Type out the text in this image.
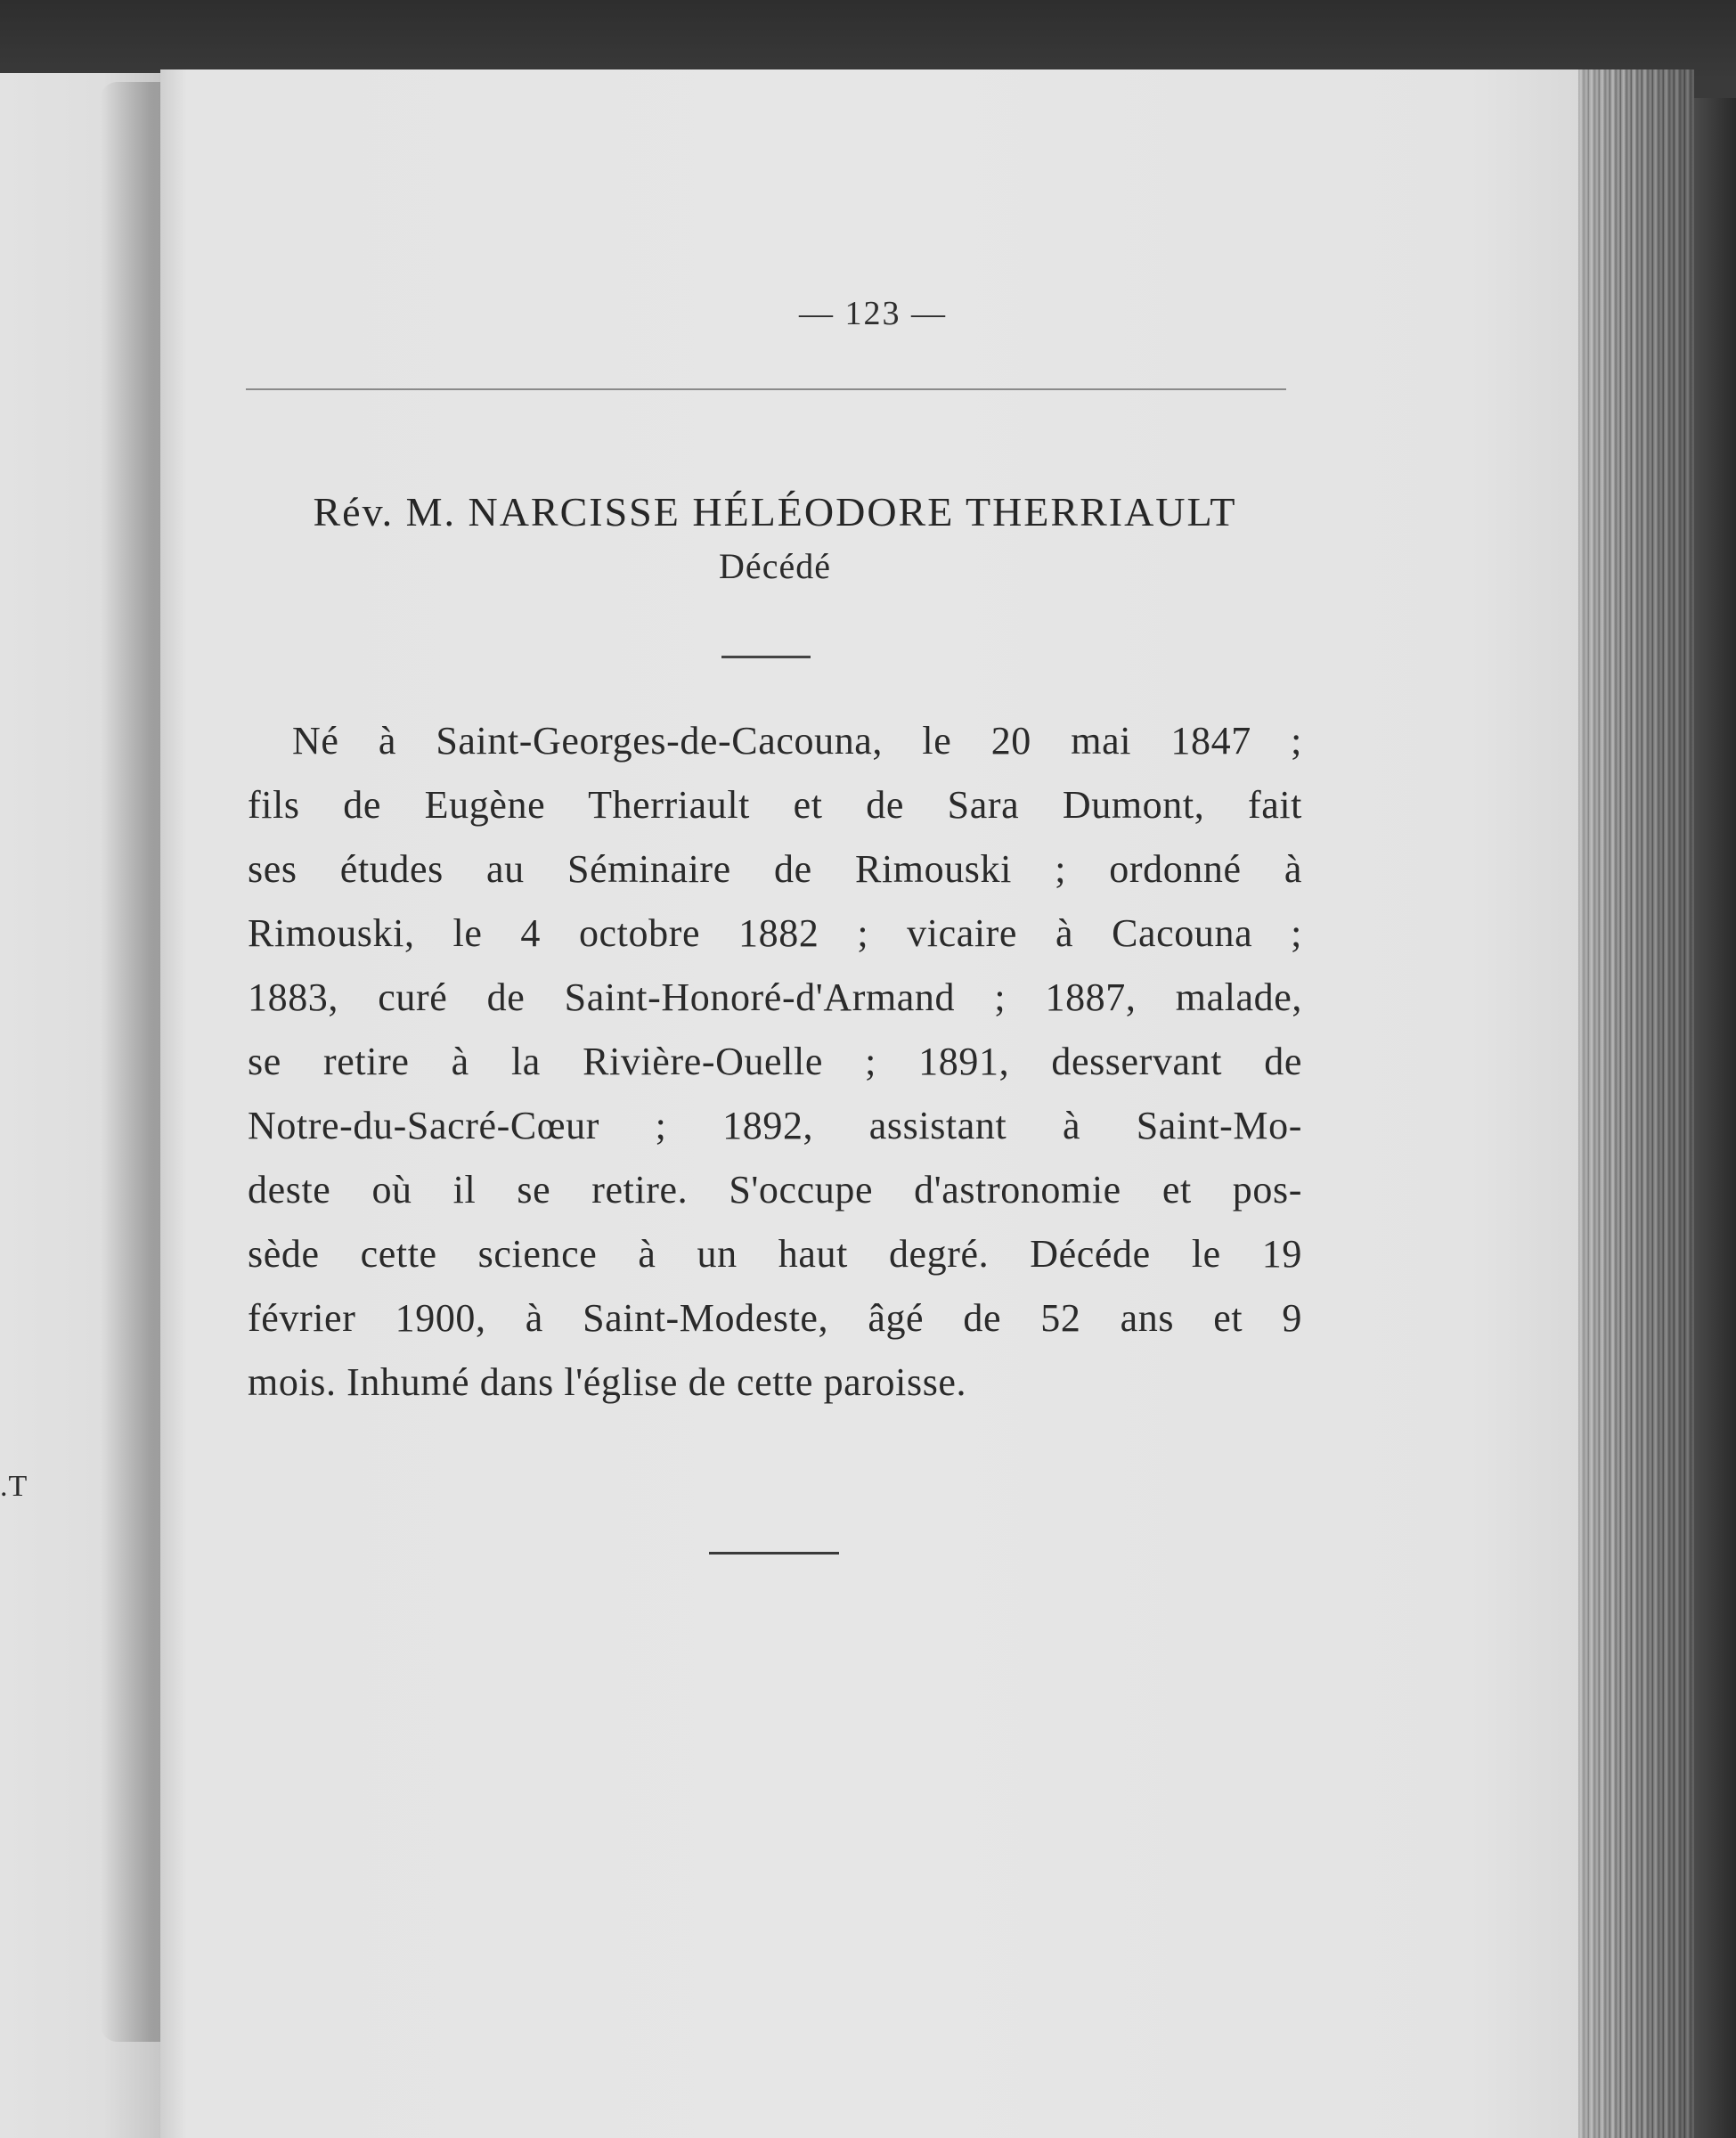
.T
— 123 —
Rév. M. NARCISSE HÉLÉODORE THERRIAULT
Décédé
Né à Saint-Georges-de-Cacouna, le 20 mai 1847 ;
fils de Eugène Therriault et de Sara Dumont, fait
ses études au Séminaire de Rimouski ; ordonné à
Rimouski, le 4 octobre 1882 ; vicaire à Cacouna ;
1883, curé de Saint-Honoré-d'Armand ; 1887, malade,
se retire à la Rivière-Ouelle ; 1891, desservant de
Notre-du-Sacré-Cœur ; 1892, assistant à Saint-Mo-
deste où il se retire. S'occupe d'astronomie et pos-
sède cette science à un haut degré. Décéde le 19
février 1900, à Saint-Modeste, âgé de 52 ans et 9
mois. Inhumé dans l'église de cette paroisse.
